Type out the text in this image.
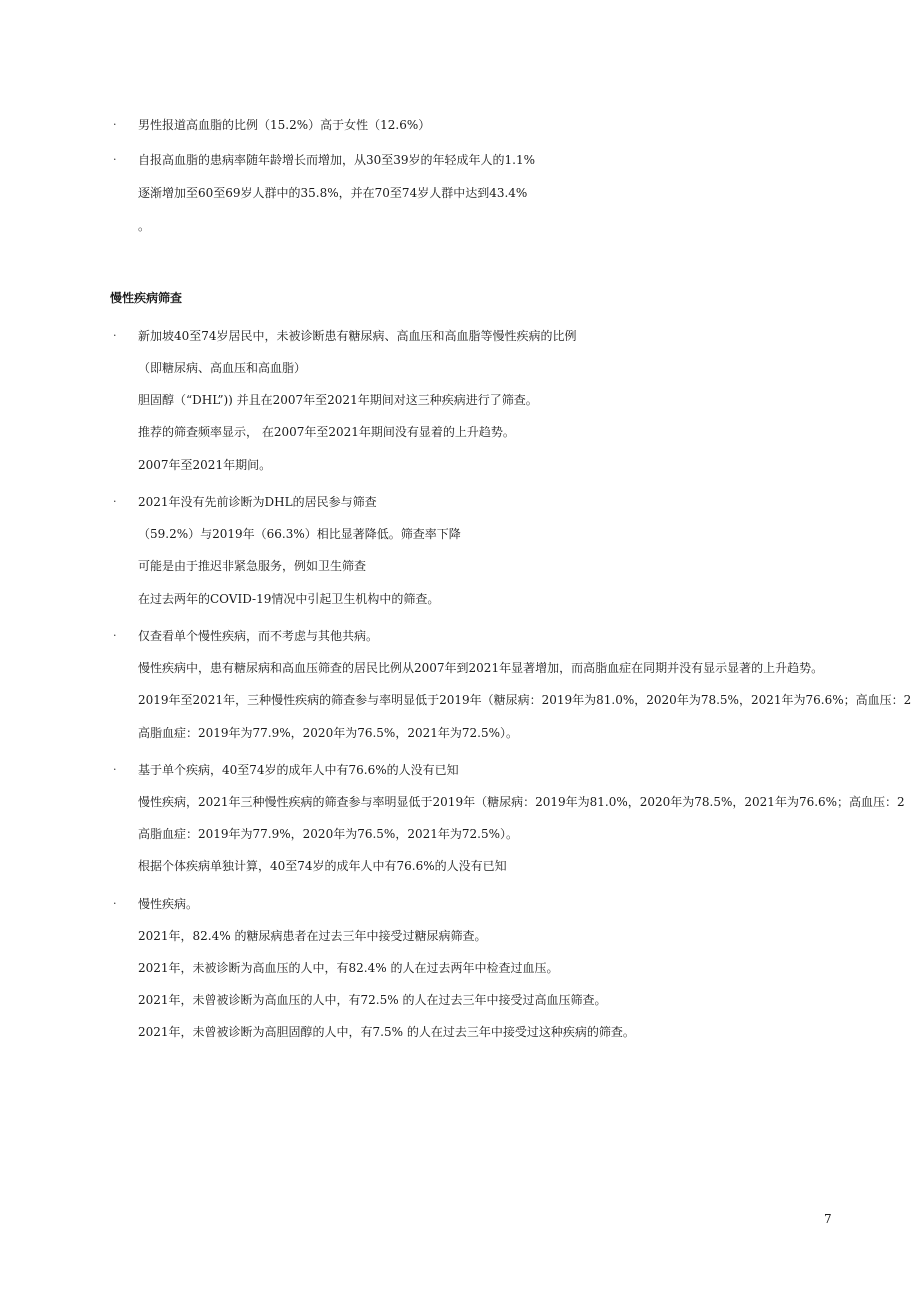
· 男性报道高血脂的比例（15.2%）高于女性（12.6%）
· 自报高血脂的患病率随年龄增长而增加，从30至39岁的年轻成年人的1.1%
逐渐增加至60至69岁人群中的35.8%，并在70至74岁人群中达到43.4%
。
慢性疾病筛查
· 新加坡40至74岁居民中，未被诊断患有糖尿病、高血压和高血脂等慢性疾病的比例
（即糖尿病、高血压和高血脂）
胆固醇（“DHL”)) 并且在2007年至2021年期间对这三种疾病进行了筛查。
推荐的筛查频率显示， 在2007年至2021年期间没有显着的上升趋势。
2007年至2021年期间。
· 2021年没有先前诊断为DHL的居民参与筛查
（59.2%）与2019年（66.3%）相比显著降低。筛查率下降
可能是由于推迟非紧急服务，例如卫生筛查
在过去两年的COVID-19情况中引起卫生机构中的筛查。
· 仅查看单个慢性疾病，而不考虑与其他共病。
慢性疾病中，患有糖尿病和高血压筛查的居民比例从2007年到2021年显著增加，而高脂血症在同期并没有显示显著的上升趋势。
2019年至2021年，三种慢性疾病的筛查参与率明显低于2019年（糖尿病：2019年为81.0%，2020年为78.5%，2021年为76.6%；高血压：2
高脂血症：2019年为77.9%，2020年为76.5%，2021年为72.5%）。
· 基于单个疾病，40至74岁的成年人中有76.6%的人没有已知
慢性疾病，2021年三种慢性疾病的筛查参与率明显低于2019年（糖尿病：2019年为81.0%，2020年为78.5%，2021年为76.6%；高血压：2
高脂血症：2019年为77.9%，2020年为76.5%，2021年为72.5%）。
根据个体疾病单独计算，40至74岁的成年人中有76.6%的人没有已知
· 慢性疾病。
2021年，82.4% 的糖尿病患者在过去三年中接受过糖尿病筛查。
2021年，未被诊断为高血压的人中，有82.4% 的人在过去两年中检查过血压。
2021年，未曾被诊断为高血压的人中，有72.5% 的人在过去三年中接受过高血压筛查。
2021年，未曾被诊断为高胆固醇的人中，有7.5% 的人在过去三年中接受过这种疾病的筛查。
7
